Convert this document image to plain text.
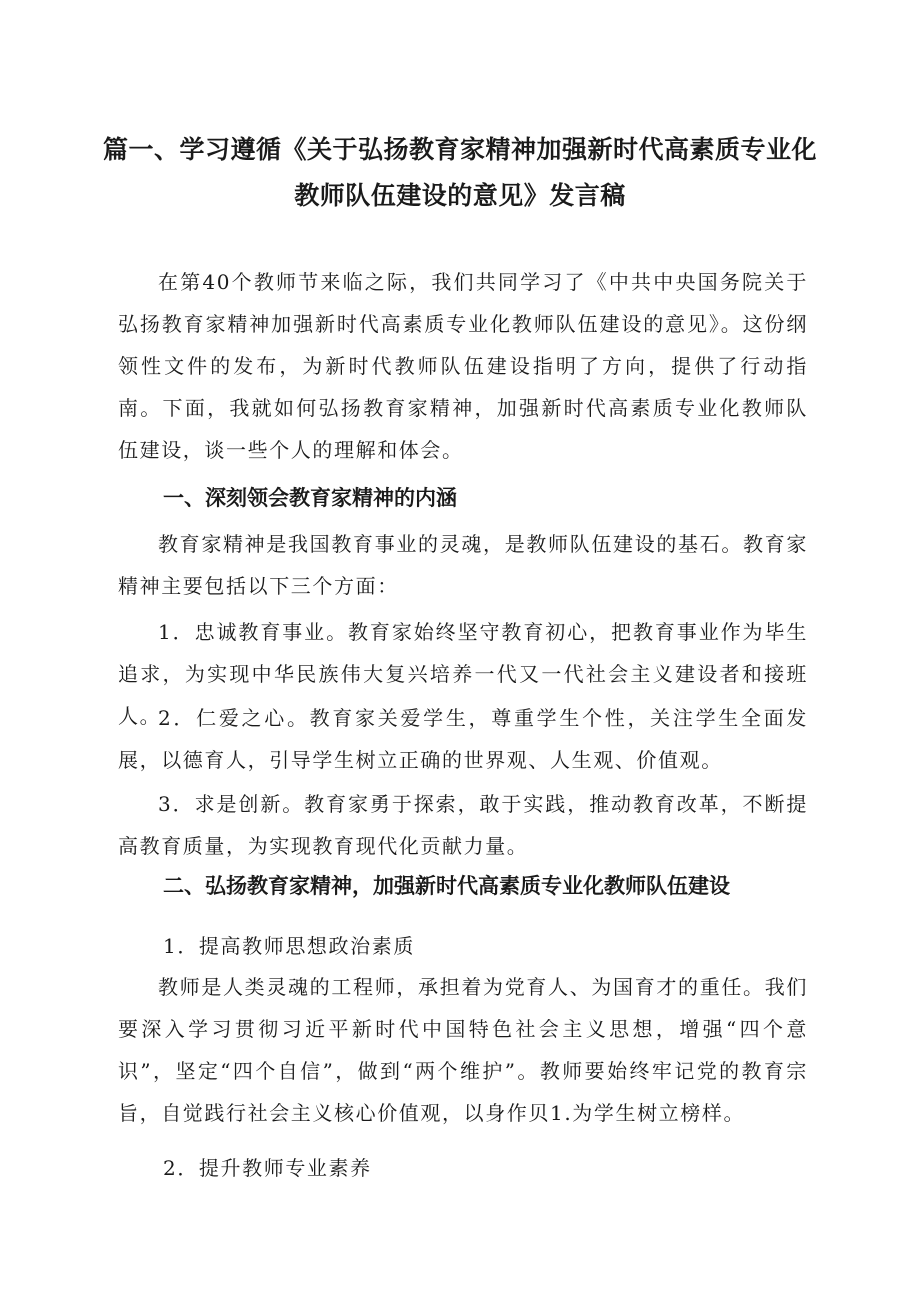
篇一、学习遵循《关于弘扬教育家精神加强新时代高素质专业化
教师队伍建设的意见》发言稿

在第40个教师节来临之际，我们共同学习了《中共中央国务院关于弘扬教育家精神加强新时代高素质专业化教师队伍建设的意见》。这份纲领性文件的发布，为新时代教师队伍建设指明了方向，提供了行动指南。下面，我就如何弘扬教育家精神，加强新时代高素质专业化教师队伍建设，谈一些个人的理解和体会。

一、深刻领会教育家精神的内涵

教育家精神是我国教育事业的灵魂，是教师队伍建设的基石。教育家精神主要包括以下三个方面：

1．忠诚教育事业。教育家始终坚守教育初心，把教育事业作为毕生追求，为实现中华民族伟大复兴培养一代又一代社会主义建设者和接班人。

2．仁爱之心。教育家关爱学生，尊重学生个性，关注学生全面发展，以德育人，引导学生树立正确的世界观、人生观、价值观。

3．求是创新。教育家勇于探索，敢于实践，推动教育改革，不断提高教育质量，为实现教育现代化贡献力量。

二、弘扬教育家精神，加强新时代高素质专业化教师队伍建设

1．提高教师思想政治素质

教师是人类灵魂的工程师，承担着为党育人、为国育才的重任。我们要深入学习贯彻习近平新时代中国特色社会主义思想，增强“四个意识”，坚定“四个自信”，做到“两个维护”。教师要始终牢记党的教育宗旨，自觉践行社会主义核心价值观，以身作贝1.为学生树立榜样。

2．提升教师专业素养
